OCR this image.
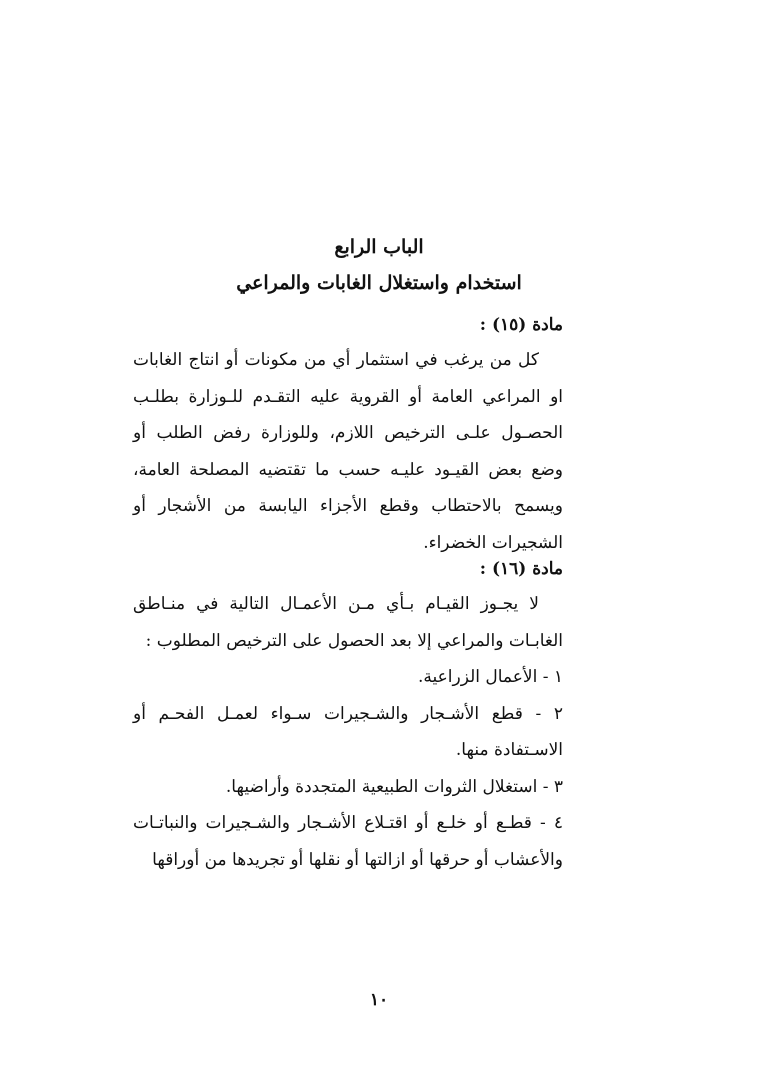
الباب الرابع
استخدام واستغلال الغابات والمراعي
مادة (١٥) :
كل من يرغب في استثمار أي من مكونات أو انتاج الغابات او المراعي العامة أو القروية عليه التقـدم للـوزارة بطلـب الحصـول علـى الترخيص اللازم، وللوزارة رفض الطلب أو وضع بعض القيـود عليـه حسب ما تقتضيه المصلحة العامة، ويسمح بالاحتطاب وقطع الأجزاء اليابسة من الأشجار أو الشجيرات الخضراء.
مادة (١٦) :
لا يجـوز القيـام بـأي مـن الأعمـال التالية في منـاطق الغابـات والمراعي إلا بعد الحصول على الترخيص المطلوب :
١ - الأعمال الزراعية.
٢ - قطع الأشـجار والشـجيرات سـواء لعمـل الفحـم أو الاسـتفادة منها.
٣ - استغلال الثروات الطبيعية المتجددة وأراضيها.
٤ - قطـع أو خلـع أو اقتـلاع الأشـجار والشـجيرات والنباتـات والأعشاب أو حرقها أو ازالتها أو نقلها أو تجريدها من أوراقها
١٠
